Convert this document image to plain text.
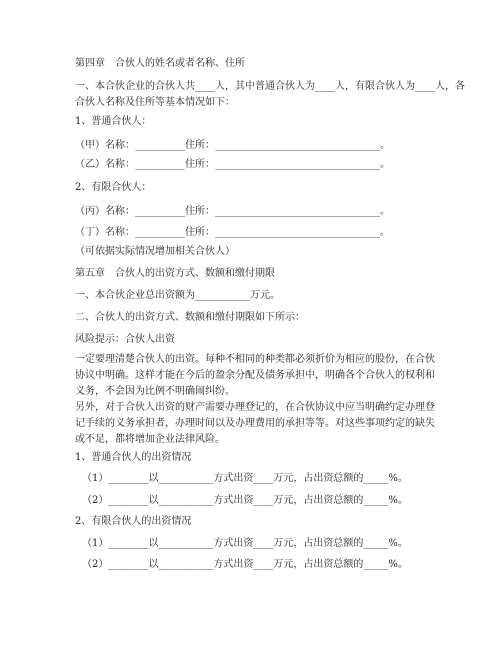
第四章　合伙人的姓名或者名称、住所
一、本合伙企业的合伙人共____人，其中普通合伙人为____人，有限合伙人为____人，各
合伙人名称及住所等基本情况如下：
1、普通合伙人：
（甲）名称：__________住所：_________________________________。
（乙）名称：__________住所：_________________________________。
2、有限合伙人：
（丙）名称：__________住所：_________________________________。
（丁）名称：__________住所：_________________________________。
（可依据实际情况增加相关合伙人）
第五章　合伙人的出资方式、数额和缴付期限
一、本合伙企业总出资额为___________万元。
二、合伙人的出资方式、数额和缴付期限如下所示：
风险提示：合伙人出资
一定要理清楚合伙人的出资。每种不相同的种类都必须折价为相应的股份，在合伙协议中明确。这样才能在今后的盈余分配及债务承担中，明确各个合伙人的权利和义务，不会因为比例不明确闹纠纷。
另外，对于合伙人出资的财产需要办理登记的，在合伙协议中应当明确约定办理登记手续的义务承担者，办理时间以及办理费用的承担等等。对这些事项约定的缺失或不足，都将增加企业法律风险。
1、普通合伙人的出资情况
（1）________以___________方式出资____万元，占出资总额的_____%。
（2）________以___________方式出资____万元，占出资总额的_____%。
2、有限合伙人的出资情况
（1）________以___________方式出资____万元，占出资总额的_____%。
（2）________以___________方式出资____万元，占出资总额的_____%。
